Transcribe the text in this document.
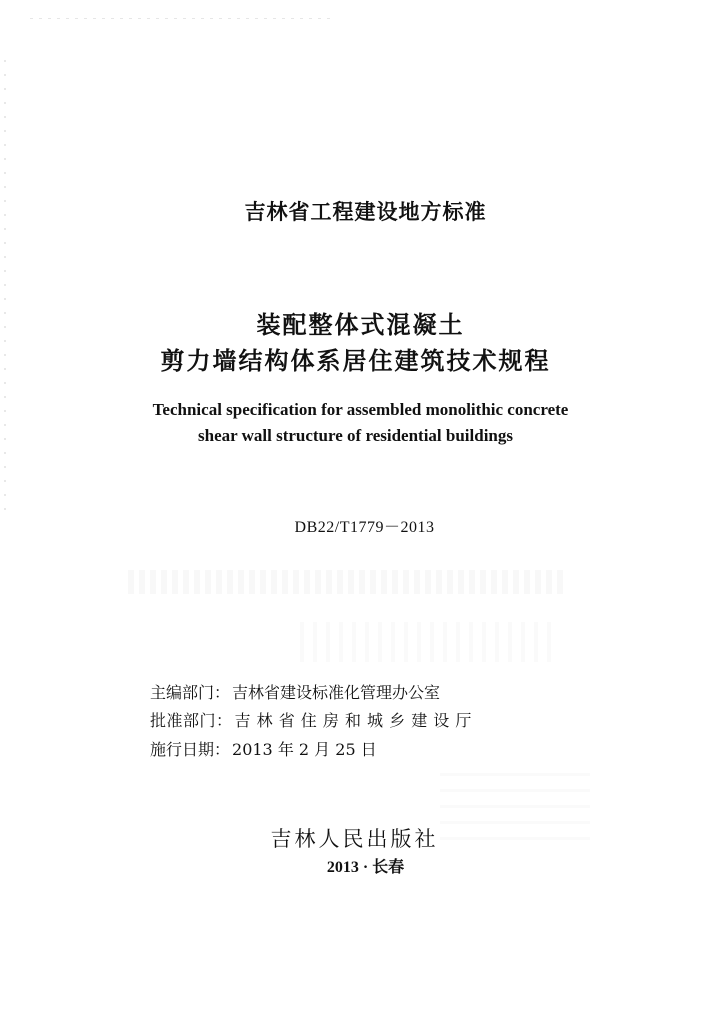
吉林省工程建设地方标准
装配整体式混凝土
剪力墙结构体系居住建筑技术规程
Technical specification for assembled monolithic concrete
shear wall structure of residential buildings
DB22/T1779－2013
主编部门： 吉林省建设标准化管理办公室
批准部门： 吉 林 省 住 房 和 城 乡 建 设 厅
施行日期： 2013 年 2 月 25 日
吉林人民出版社
2013 · 长春
